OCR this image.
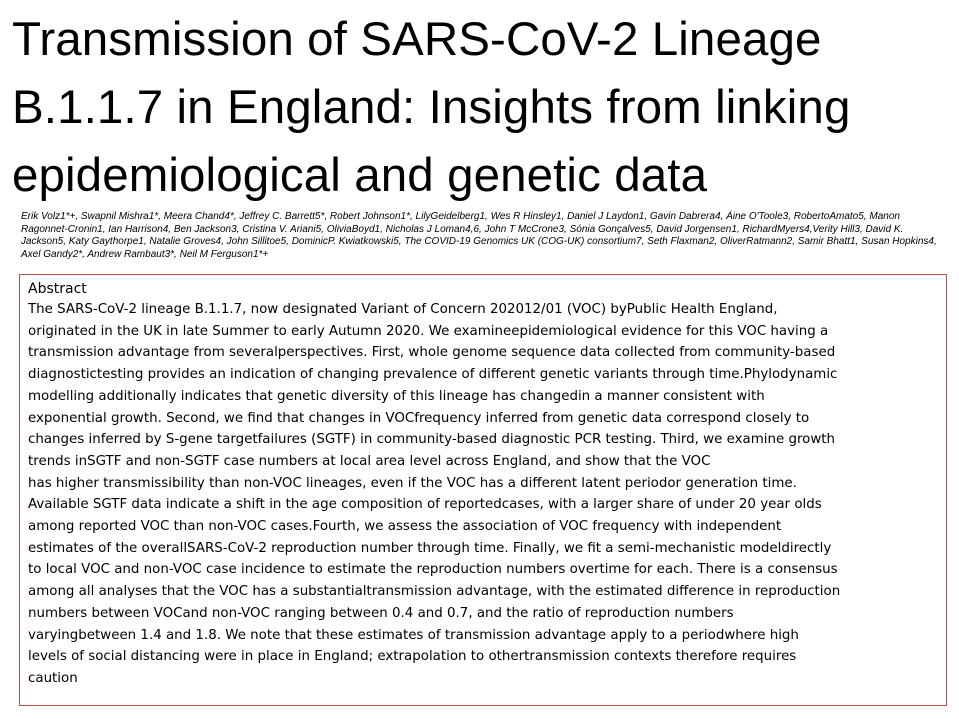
Transmission of SARS-CoV-2 Lineage B.1.1.7 in England: Insights from linking epidemiological and genetic data

Erik Volz1*+, Swapnil Mishra1*, Meera Chand4*, Jeffrey C. Barrett5*, Robert Johnson1*, LilyGeidelberg1, Wes R Hinsley1, Daniel J Laydon1, Gavin Dabrera4, Áine O'Toole3, RobertoAmato5, Manon Ragonnet-Cronin1, Ian Harrison4, Ben Jackson3, Cristina V. Ariani5, OliviaBoyd1, Nicholas J Loman4,6, John T McCrone3, Sónia Gonçalves5, David Jorgensen1, RichardMyers4,Verity Hill3, David K. Jackson5, Katy Gaythorpe1, Natalie Groves4, John Sillitoe5, DominicP. Kwiatkowski5, The COVID-19 Genomics UK (COG-UK) consortium7, Seth Flaxman2, OliverRatmann2, Samir Bhatt1, Susan Hopkins4, Axel Gandy2*, Andrew Rambaut3*, Neil M Ferguson1*+

Abstract

The SARS-CoV-2 lineage B.1.1.7, now designated Variant of Concern 202012/01 (VOC) byPublic Health England,
originated in the UK in late Summer to early Autumn 2020. We examineepidemiological evidence for this VOC having a
transmission advantage from severalperspectives. First, whole genome sequence data collected from community-based
diagnostictesting provides an indication of changing prevalence of different genetic variants through time.Phylodynamic
modelling additionally indicates that genetic diversity of this lineage has changedin a manner consistent with
exponential growth. Second, we find that changes in VOCfrequency inferred from genetic data correspond closely to
changes inferred by S-gene targetfailures (SGTF) in community-based diagnostic PCR testing. Third, we examine growth
trends inSGTF and non-SGTF case numbers at local area level across England, and show that the VOC
has higher transmissibility than non-VOC lineages, even if the VOC has a different latent periodor generation time.
Available SGTF data indicate a shift in the age composition of reportedcases, with a larger share of under 20 year olds
among reported VOC than non-VOC cases.Fourth, we assess the association of VOC frequency with independent
estimates of the overallSARS-CoV-2 reproduction number through time. Finally, we fit a semi-mechanistic modeldirectly
to local VOC and non-VOC case incidence to estimate the reproduction numbers overtime for each. There is a consensus
among all analyses that the VOC has a substantialtransmission advantage, with the estimated difference in reproduction
numbers between VOCand non-VOC ranging between 0.4 and 0.7, and the ratio of reproduction numbers
varyingbetween 1.4 and 1.8. We note that these estimates of transmission advantage apply to a periodwhere high
levels of social distancing were in place in England; extrapolation to othertransmission contexts therefore requires
caution
